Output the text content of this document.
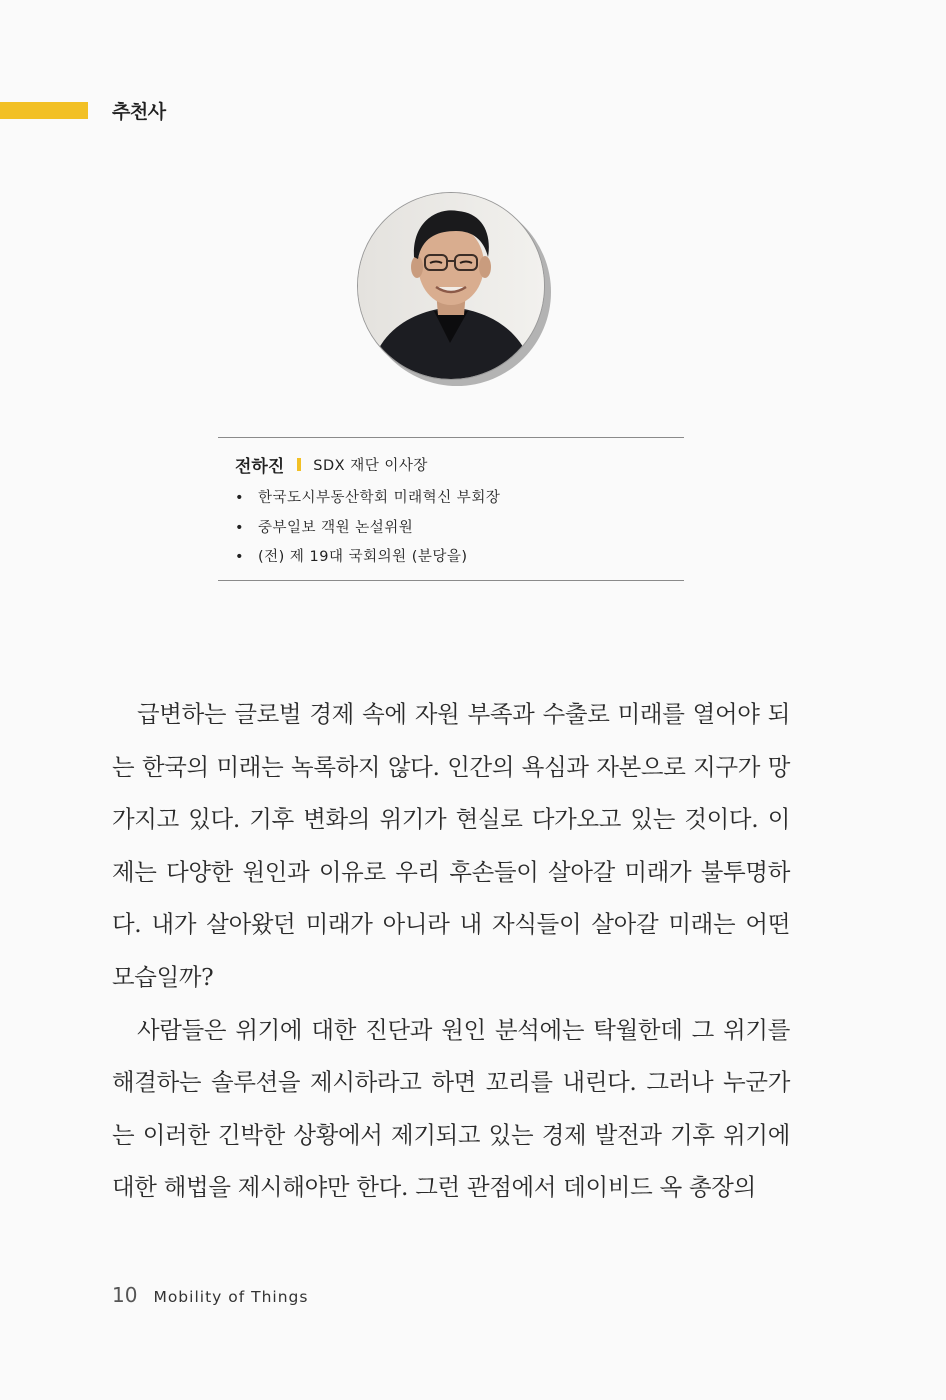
추천사
전하진 SDX 재단 이사장
• 한국도시부동산학회 미래혁신 부회장
• 중부일보 객원 논설위원
• (전) 제 19대 국회의원 (분당을)

급변하는 글로벌 경제 속에 자원 부족과 수출로 미래를 열어야 되는 한국의 미래는 녹록하지 않다. 인간의 욕심과 자본으로 지구가 망가지고 있다. 기후 변화의 위기가 현실로 다가오고 있는 것이다. 이제는 다양한 원인과 이유로 우리 후손들이 살아갈 미래가 불투명하다. 내가 살아왔던 미래가 아니라 내 자식들이 살아갈 미래는 어떤 모습일까?

사람들은 위기에 대한 진단과 원인 분석에는 탁월한데 그 위기를 해결하는 솔루션을 제시하라고 하면 꼬리를 내린다. 그러나 누군가는 이러한 긴박한 상황에서 제기되고 있는 경제 발전과 기후 위기에 대한 해법을 제시해야만 한다. 그런 관점에서 데이비드 옥 총장의

10 Mobility of Things
